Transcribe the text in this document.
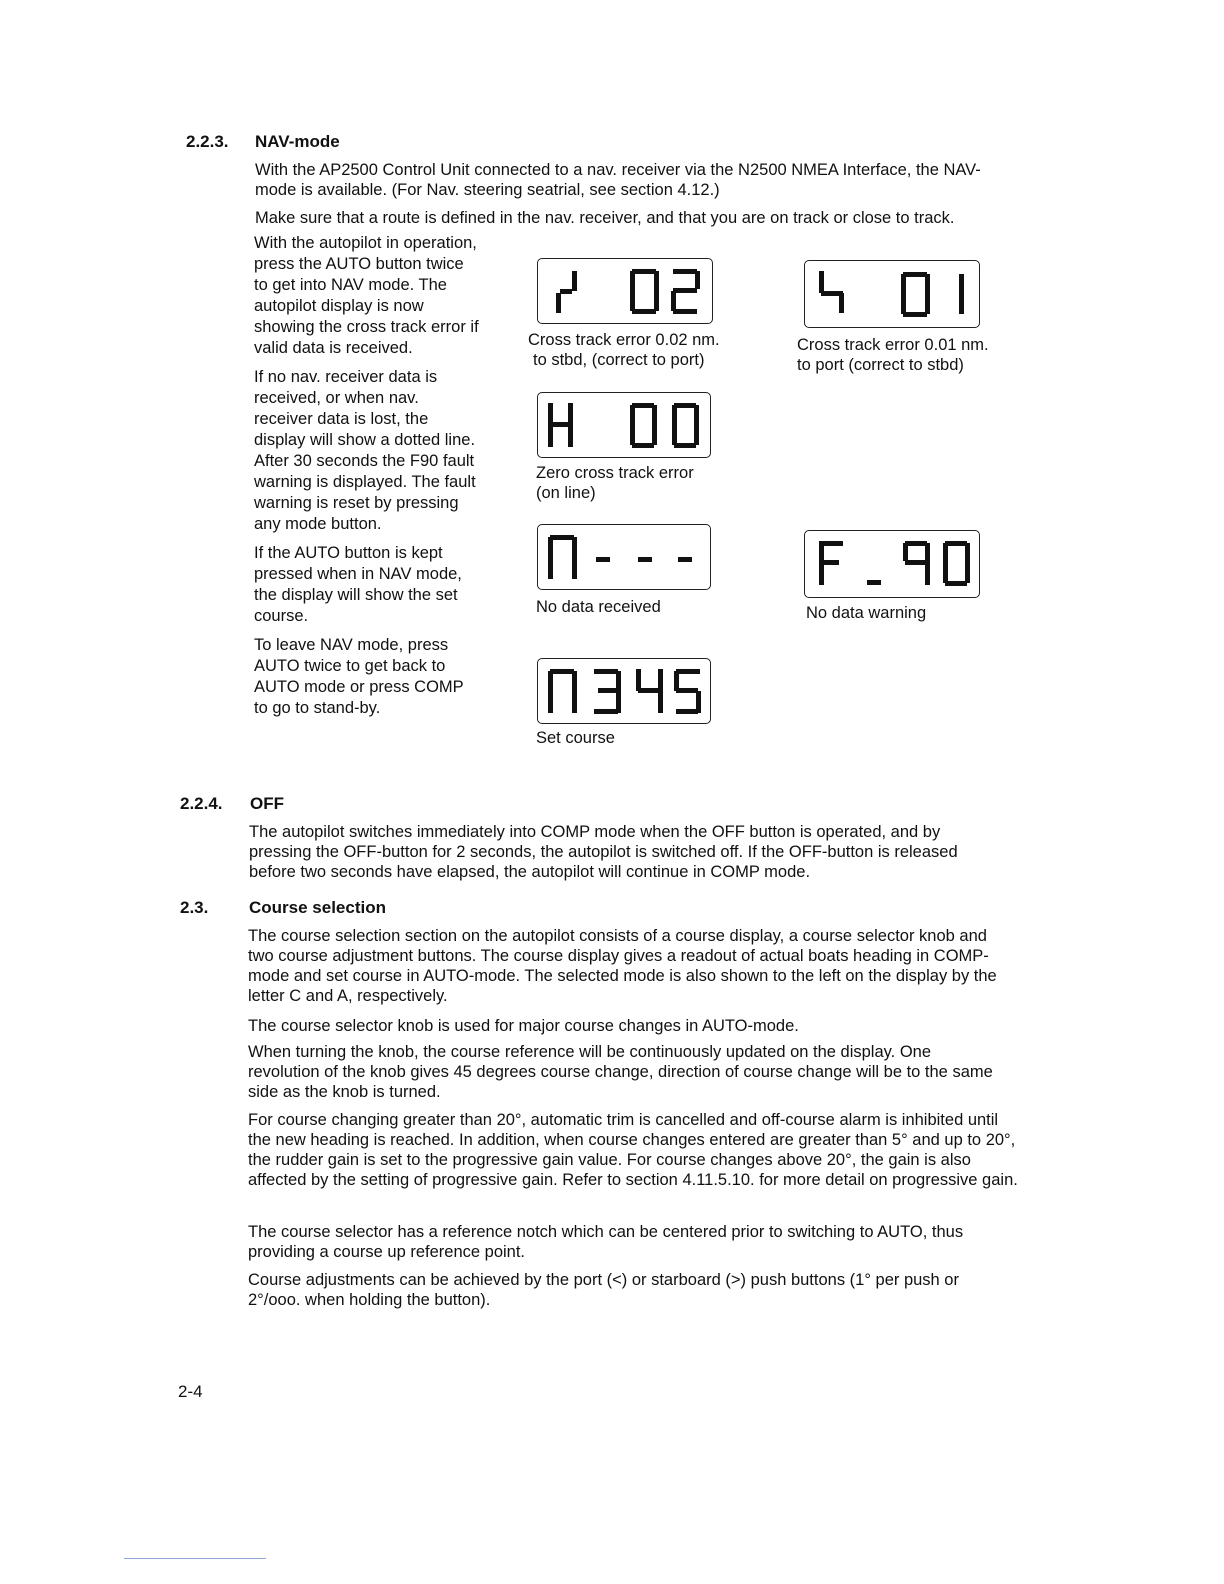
2.2.3. NAV-mode
With the AP2500 Control Unit connected to a nav. receiver via the N2500 NMEA Interface, the NAV-mode is available. (For Nav. steering seatrial, see section 4.12.)
Make sure that a route is defined in the nav. receiver, and that you are on track or close to track.

With the autopilot in operation, press the AUTO button twice to get into NAV mode. The autopilot display is now showing the cross track error if valid data is received.

If no nav. receiver data is received, or when nav. receiver data is lost, the display will show a dotted line. After 30 seconds the F90 fault warning is displayed. The fault warning is reset by pressing any mode button.

If the AUTO button is kept pressed when in NAV mode, the display will show the set course.

To leave NAV mode, press AUTO twice to get back to AUTO mode or press COMP to go to stand-by.

Cross track error 0.02 nm.
to stbd, (correct to port)
Cross track error 0.01 nm.
to port (correct to stbd)
Zero cross track error
(on line)
No data received	No data warning
Set course
2.2.4. OFF
The autopilot switches immediately into COMP mode when the OFF button is operated, and by pressing the OFF-button for 2 seconds, the autopilot is switched off. If the OFF-button is released before two seconds have elapsed, the autopilot will continue in COMP mode.
2.3. Course selection
The course selection section on the autopilot consists of a course display, a course selector knob and two course adjustment buttons. The course display gives a readout of actual boats heading in COMP-mode and set course in AUTO-mode. The selected mode is also shown to the left on the display by the letter C and A, respectively.
The course selector knob is used for major course changes in AUTO-mode.
When turning the knob, the course reference will be continuously updated on the display. One revolution of the knob gives 45 degrees course change, direction of course change will be to the same side as the knob is turned.
For course changing greater than 20°, automatic trim is cancelled and off-course alarm is inhibited until the new heading is reached. In addition, when course changes entered are greater than 5° and up to 20°, the rudder gain is set to the progressive gain value. For course changes above 20°, the gain is also affected by the setting of progressive gain. Refer to section 4.11.5.10. for more detail on progressive gain.
The course selector has a reference notch which can be centered prior to switching to AUTO, thus providing a course up reference point.
Course adjustments can be achieved by the port (<) or starboard (>) push buttons (1° per push or 2°/ooo. when holding the button).
2-4
